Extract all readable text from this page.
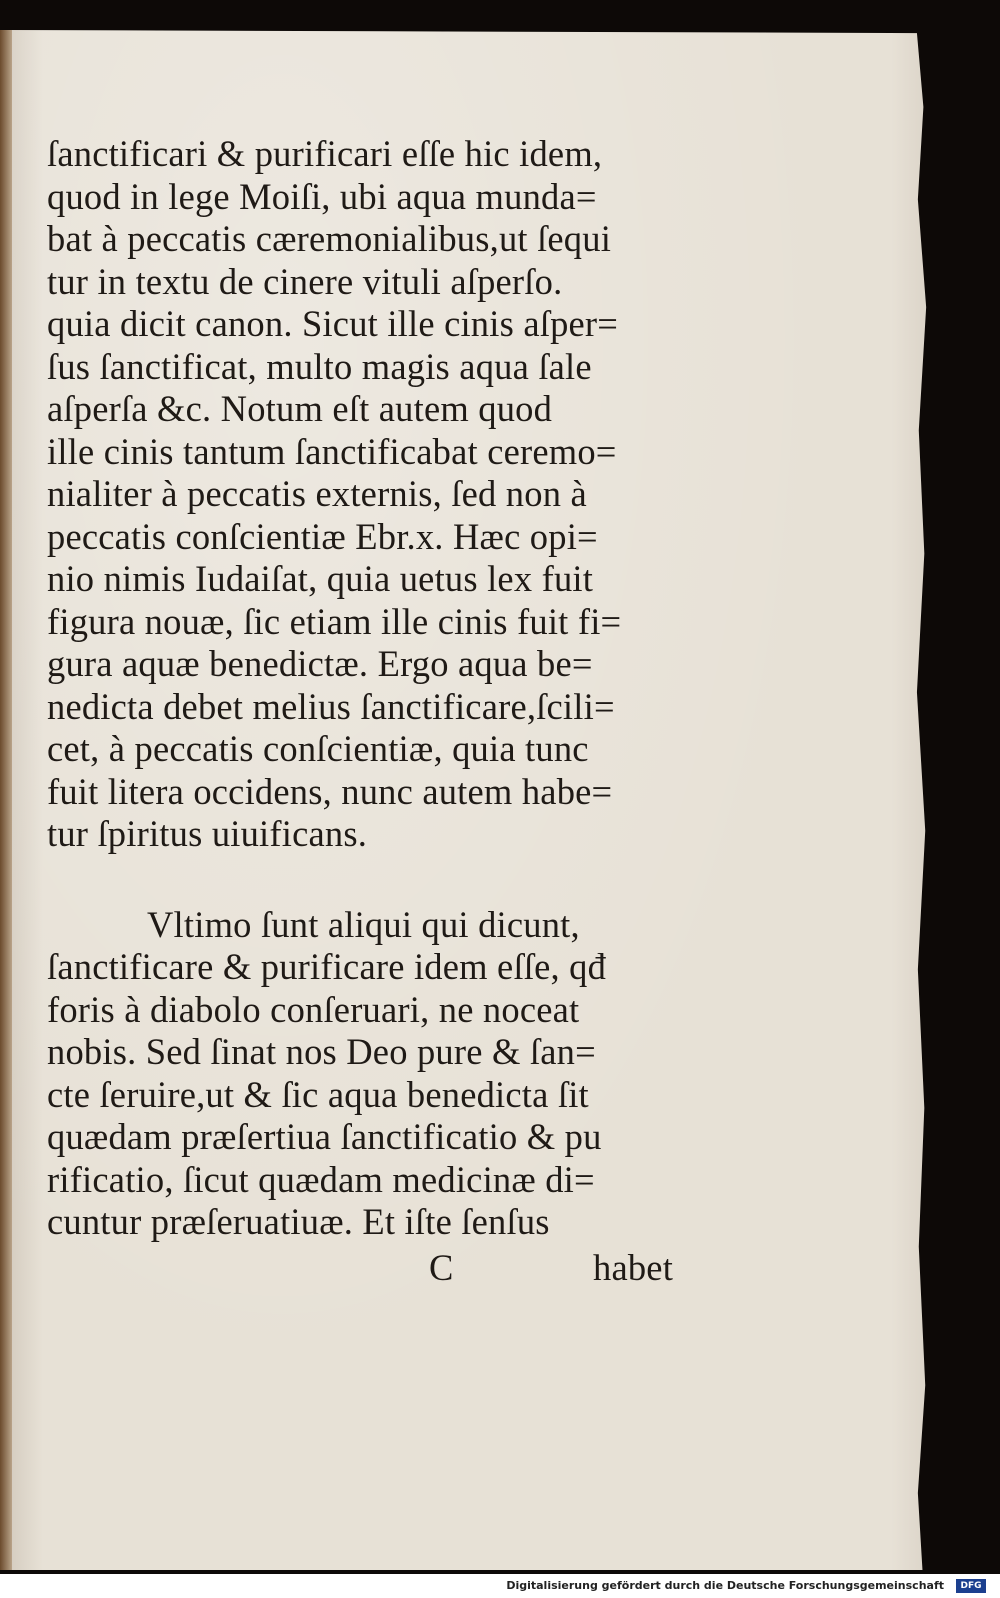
ſanctificari & purificari eſſe hic idem,
quod in lege Moiſi, ubi aqua munda=
bat à peccatis cæremonialibus,ut ſequi
tur in textu de cinere vituli aſperſo.
quia dicit canon. Sicut ille cinis aſper=
ſus ſanctificat, multo magis aqua ſale
aſperſa &c. Notum eſt autem quod
ille cinis tantum ſanctificabat ceremo=
nialiter à peccatis externis, ſed non à
peccatis conſcientiæ Ebr.x. Hæc opi=
nio nimis Iudaiſat, quia uetus lex fuit
figura nouæ, ſic etiam ille cinis fuit fi=
gura aquæ benedictæ. Ergo aqua be=
nedicta debet melius ſanctificare,ſcili=
cet, à peccatis conſcientiæ, quia tunc
fuit litera occidens, nunc autem habe=
tur ſpiritus uiuificans.
Vltimo ſunt aliqui qui dicunt,
ſanctificare & purificare idem eſſe, qđ
foris à diabolo conſeruari, ne noceat
nobis. Sed ſinat nos Deo pure & ſan=
cte ſeruire,ut & ſic aqua benedicta ſit
quædam præſertiua ſanctificatio & pu
rificatio, ſicut quædam medicinæ di=
cuntur præſeruatiuæ. Et iſte ſenſus
C	habet
Digitalisierung gefördert durch die Deutsche Forschungsgemeinschaft	DFG
